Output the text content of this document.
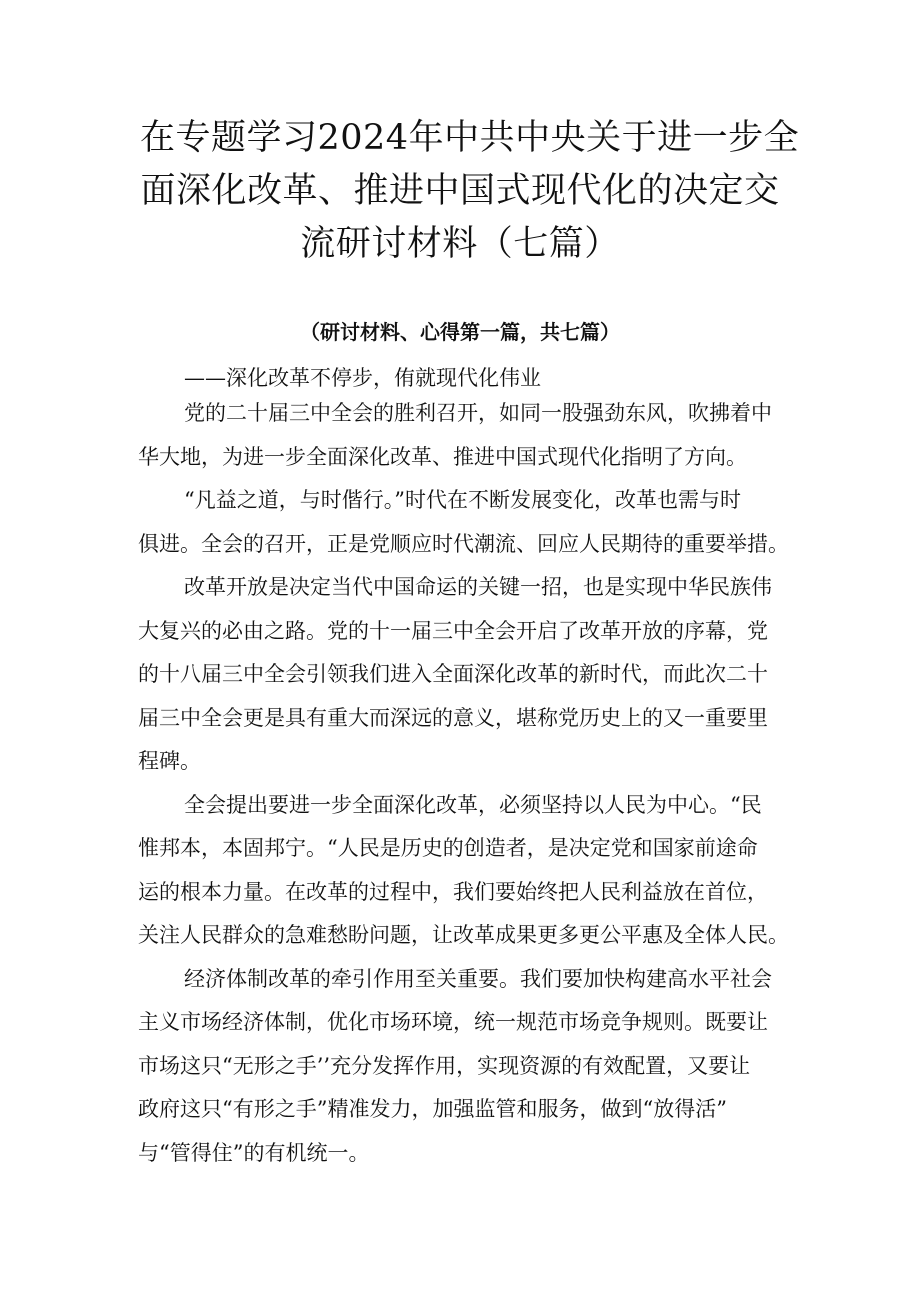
在专题学习2024年中共中央关于进一步全
面深化改革、推进中国式现代化的决定交
流研讨材料（七篇）
（研讨材料、心得第一篇，共七篇）
——深化改革不停步，侑就现代化伟业

党的二十届三中全会的胜利召开，如同一股强劲东风，吹拂着中
华大地，为进一步全面深化改革、推进中国式现代化指明了方向。

“凡益之道，与时偕行。”时代在不断发展变化，改革也需与时
俱进。全会的召开，正是党顺应时代潮流、回应人民期待的重要举措。

改革开放是决定当代中国命运的关键一招，也是实现中华民族伟
大复兴的必由之路。党的十一届三中全会开启了改革开放的序幕，党
的十八届三中全会引领我们进入全面深化改革的新时代，而此次二十
届三中全会更是具有重大而深远的意义，堪称党历史上的又一重要里
程碑。

全会提出要进一步全面深化改革，必须坚持以人民为中心。“民
惟邦本，本固邦宁。“人民是历史的创造者，是决定党和国家前途命
运的根本力量。在改革的过程中，我们要始终把人民利益放在首位，
关注人民群众的急难愁盼问题，让改革成果更多更公平惠及全体人民。

经济体制改革的牵引作用至关重要。我们要加快构建高水平社会
主义市场经济体制，优化市场环境，统一规范市场竞争规则。既要让
市场这只“无形之手’’充分发挥作用，实现资源的有效配置，又要让
政府这只“有形之手”精准发力，加强监管和服务，做到“放得活”
与“管得住”的有机统一。
